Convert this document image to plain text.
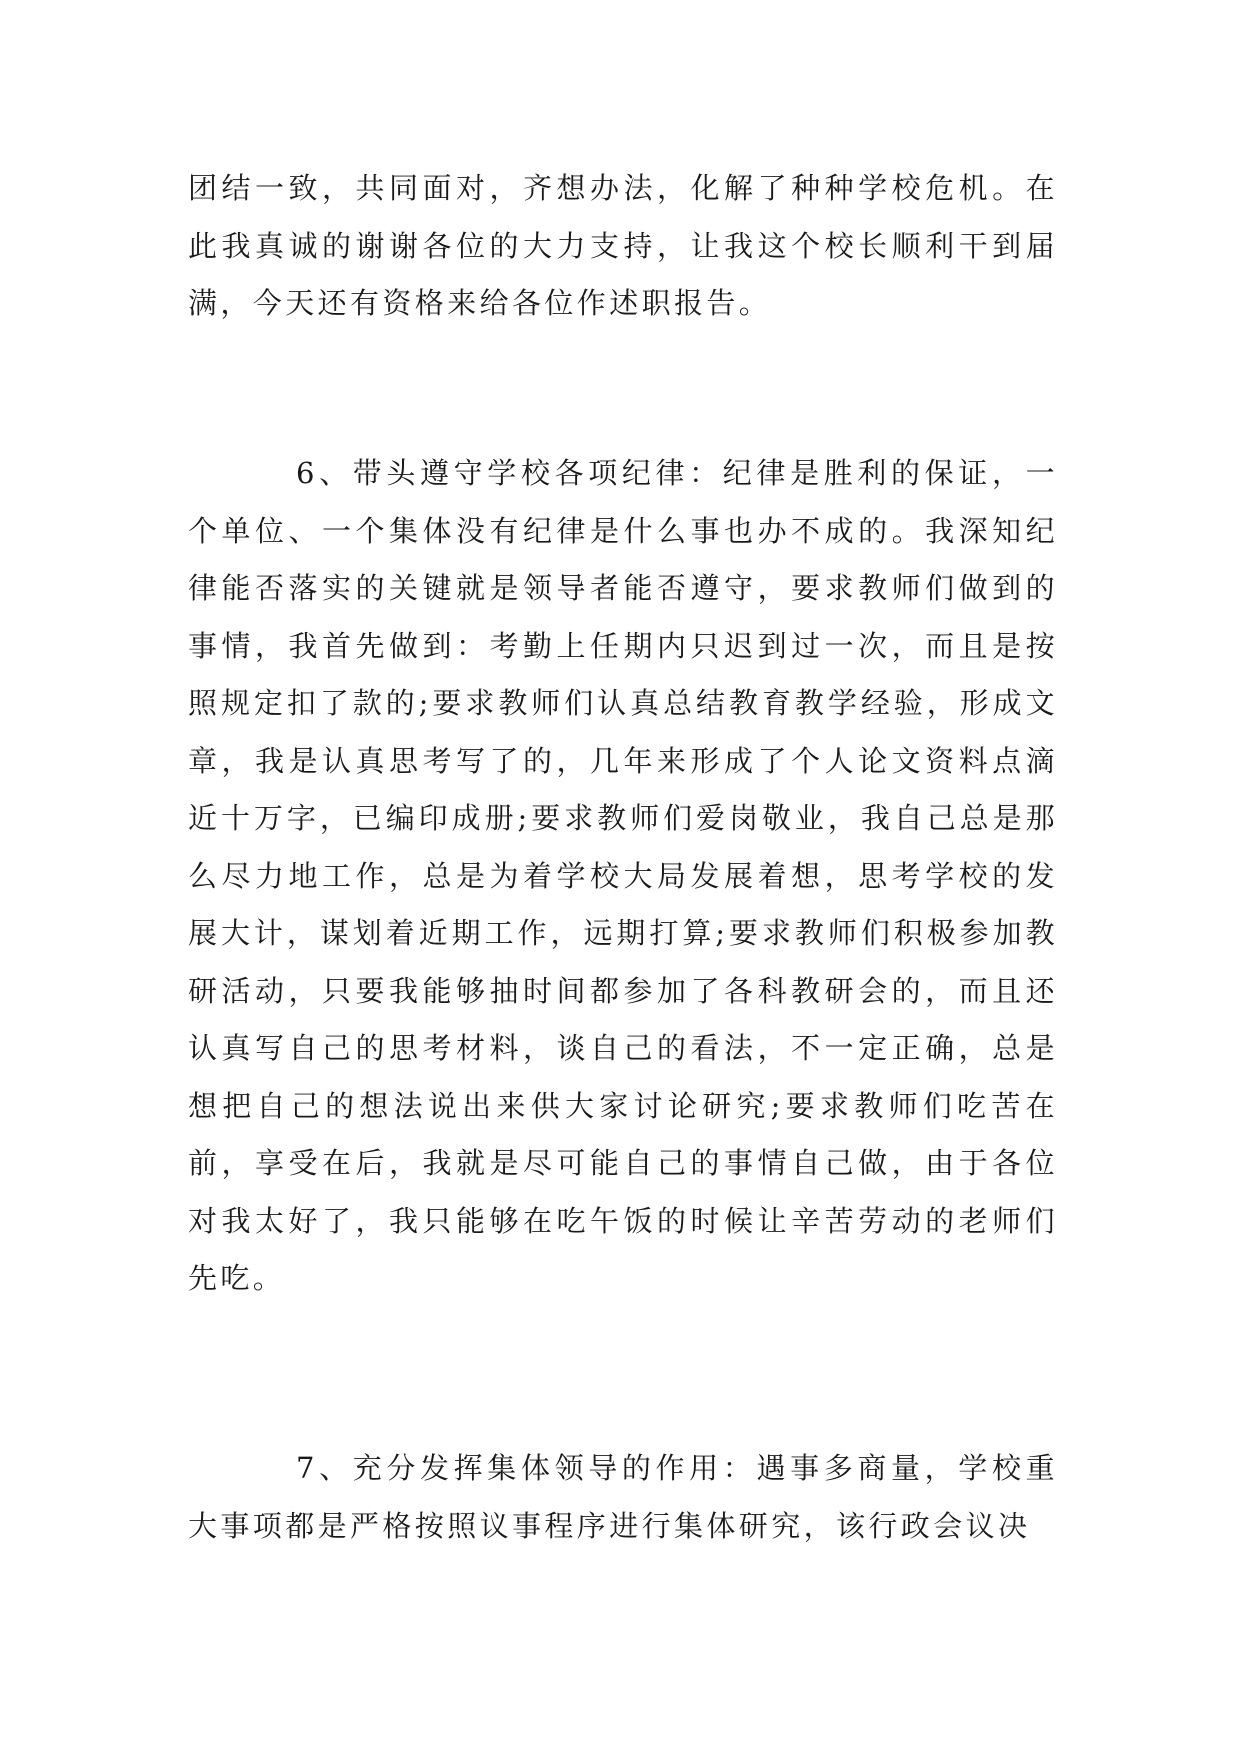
团结一致，共同面对，齐想办法，化解了种种学校危机。在此我真诚的谢谢各位的大力支持，让我这个校长顺利干到届满，今天还有资格来给各位作述职报告。

6、带头遵守学校各项纪律：纪律是胜利的保证，一个单位、一个集体没有纪律是什么事也办不成的。我深知纪律能否落实的关键就是领导者能否遵守，要求教师们做到的事情，我首先做到：考勤上任期内只迟到过一次，而且是按照规定扣了款的;要求教师们认真总结教育教学经验，形成文章，我是认真思考写了的，几年来形成了个人论文资料点滴近十万字，已编印成册;要求教师们爱岗敬业，我自己总是那么尽力地工作，总是为着学校大局发展着想，思考学校的发展大计，谋划着近期工作，远期打算;要求教师们积极参加教研活动，只要我能够抽时间都参加了各科教研会的，而且还认真写自己的思考材料，谈自己的看法，不一定正确，总是想把自己的想法说出来供大家讨论研究;要求教师们吃苦在前，享受在后，我就是尽可能自己的事情自己做，由于各位对我太好了，我只能够在吃午饭的时候让辛苦劳动的老师们先吃。

7、充分发挥集体领导的作用：遇事多商量，学校重大事项都是严格按照议事程序进行集体研究，该行政会议决
